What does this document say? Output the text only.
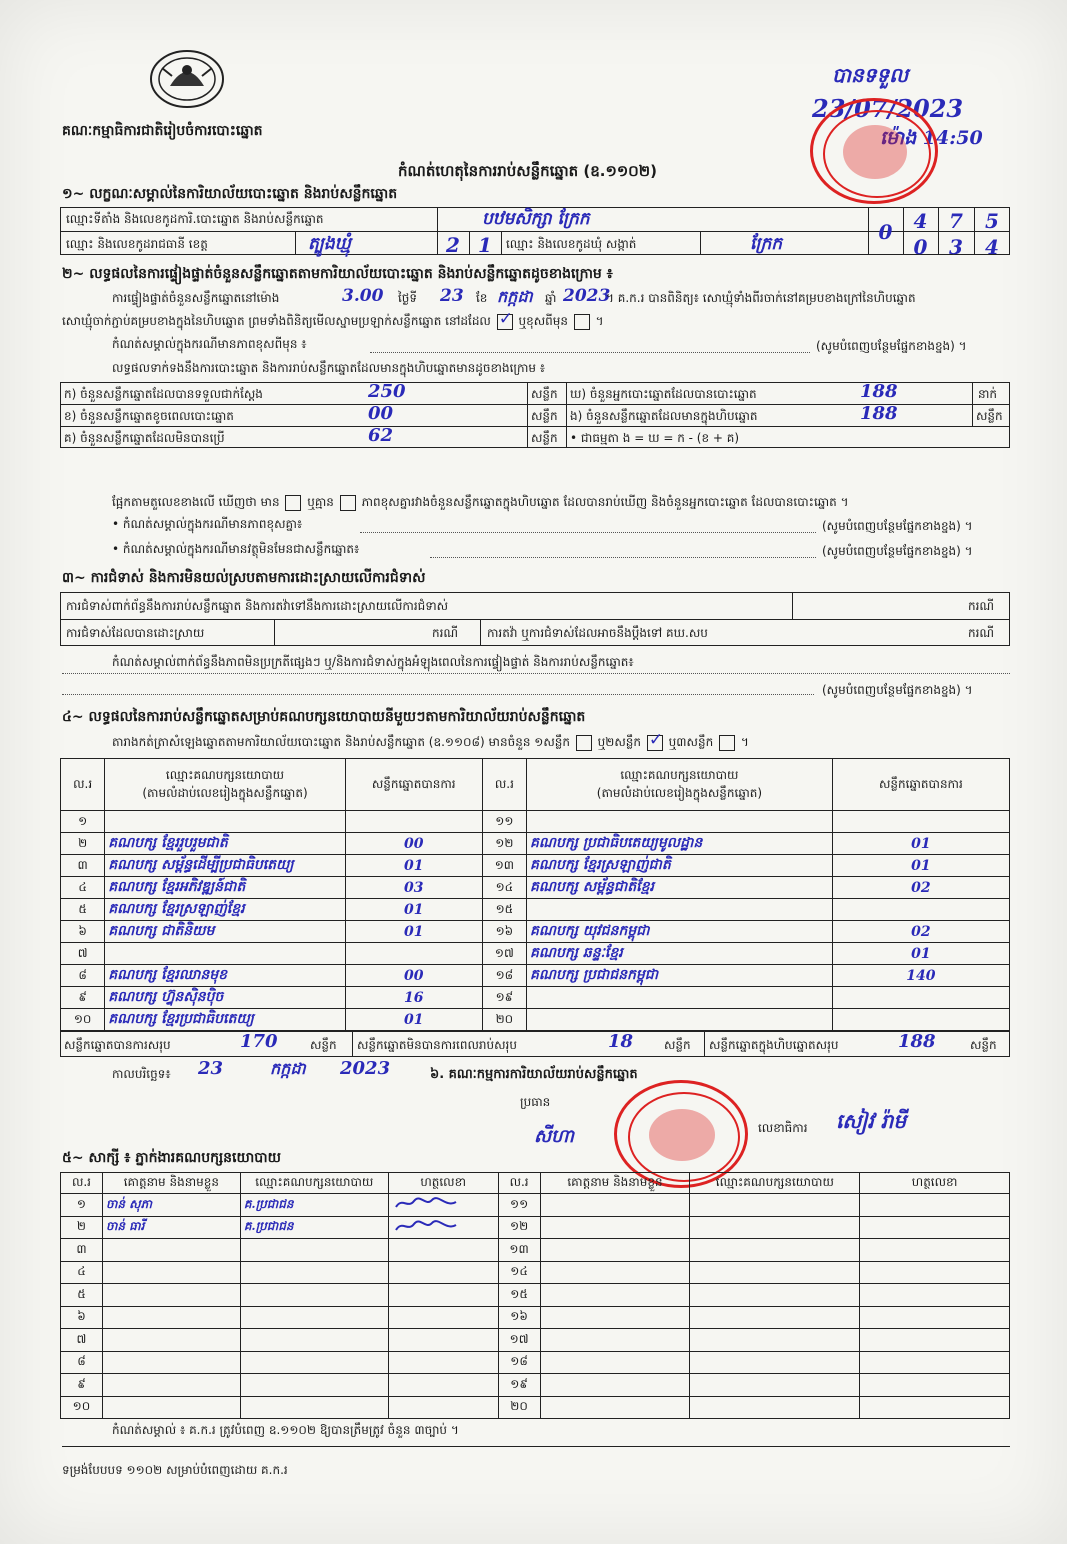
គណៈកម្មាធិការជាតិរៀបចំការបោះឆ្នោត
បានទទួល
23/07/2023
ម៉ោង 14:50
កំណត់ហេតុនៃការរាប់សន្លឹកឆ្នោត (ឧ.១១០២)
១~ លក្ខណៈសម្គាល់នៃការិយាល័យបោះឆ្នោត និងរាប់សន្លឹកឆ្នោត
ឈ្មោះទីតាំង និងលេខកូដការិ.បោះឆ្នោត និងរាប់សន្លឹកឆ្នោត	បឋមសិក្សា ក្រែក
0	4	7	5
ឈ្មោះ និងលេខកូដរាជធានី ខេត្ត	ត្បូងឃ្មុំ	2 1	ឈ្មោះ និងលេខកូដឃុំ សង្កាត់	ក្រែក	0	3	4
២~ លទ្ធផលនៃការផ្ទៀងផ្ទាត់ចំនួនសន្លឹកឆ្នោតតាមការិយាល័យបោះឆ្នោត និងរាប់សន្លឹកឆ្នោតដូចខាងក្រោម ៖
ការផ្ទៀងផ្ទាត់ចំនួនសន្លឹកឆ្នោតនៅម៉ោង	3.00 ថ្ងៃទី 23 ខែ កក្កដា ឆ្នាំ 2023
។ គ.ក.រ បានពិនិត្យ៖ សោឃ្មុំទាំងពីរចាក់នៅគម្របខាងក្រៅនៃហិបឆ្នោត
សោឃ្មុំចាក់ភ្ជាប់គម្របខាងក្នុងនៃហិបឆ្នោត ព្រមទាំងពិនិត្យមើលស្នាមប្រឡាក់សន្លឹកឆ្នោត នៅដដែល ✓ ឬខុសពីមុន  ។
កំណត់សម្គាល់ក្នុងករណីមានភាពខុសពីមុន ៖	(សូមបំពេញបន្ថែមផ្នែកខាងខ្នង) ។
លទ្ធផលទាក់ទងនឹងការបោះឆ្នោត និងការរាប់សន្លឹកឆ្នោតដែលមានក្នុងហិបឆ្នោតមានដូចខាងក្រោម ៖
ក) ចំនួនសន្លឹកឆ្នោតដែលបានទទួលជាក់ស្តែង	250	សន្លឹក ឃ) ចំនួនអ្នកបោះឆ្នោតដែលបានបោះឆ្នោត	188	នាក់
ខ) ចំនួនសន្លឹកឆ្នោតខូចពេលបោះឆ្នោត	00	សន្លឹក ង) ចំនួនសន្លឹកឆ្នោតដែលមានក្នុងហិបឆ្នោត	188	សន្លឹក
គ) ចំនួនសន្លឹកឆ្នោតដែលមិនបានប្រើ	62	សន្លឹក • ជាធម្មតា ង = ឃ = ក - (ខ + គ)
ផ្អែកតាមតួលេខខាងលើ ឃើញថា មាន ឬគ្មាន ភាពខុសគ្នារវាងចំនួនសន្លឹកឆ្នោតក្នុងហិបឆ្នោត ដែលបានរាប់ឃើញ និងចំនួនអ្នកបោះឆ្នោត ដែលបានបោះឆ្នោត ។
• កំណត់សម្គាល់ក្នុងករណីមានភាពខុសគ្នា៖	(សូមបំពេញបន្ថែមផ្នែកខាងខ្នង) ។
• កំណត់សម្គាល់ក្នុងករណីមានវត្ថុមិនមែនជាសន្លឹកឆ្នោត៖	(សូមបំពេញបន្ថែមផ្នែកខាងខ្នង) ។
៣~ ការជំទាស់ និងការមិនយល់ស្របតាមការដោះស្រាយលើការជំទាស់
ការជំទាស់ពាក់ព័ន្ធនឹងការរាប់សន្លឹកឆ្នោត និងការតវ៉ាទៅនឹងការដោះស្រាយលើការជំទាស់	ករណី
ការជំទាស់ដែលបានដោះស្រាយ	ករណី ការតវ៉ា ឬការជំទាស់ដែលអាចនឹងប្តឹងទៅ គឃ.សប	ករណី
កំណត់សម្គាល់ពាក់ព័ន្ធនឹងភាពមិនប្រក្រតីផ្សេងៗ ឬ/និងការជំទាស់ក្នុងអំឡុងពេលនៃការផ្ទៀងផ្ទាត់ និងការរាប់សន្លឹកឆ្នោត៖
(សូមបំពេញបន្ថែមផ្នែកខាងខ្នង) ។
៤~ លទ្ធផលនៃការរាប់សន្លឹកឆ្នោតសម្រាប់គណបក្សនយោបាយនីមួយៗតាមការិយាល័យរាប់សន្លឹកឆ្នោត
តារាងកត់ត្រាសំឡេងឆ្នោតតាមការិយាល័យបោះឆ្នោត និងរាប់សន្លឹកឆ្នោត (ឧ.១១០៨) មានចំនួន ១សន្លឹក ឬ២សន្លឹក ✓ ឬ៣សន្លឹក  ។
ល.រ	ឈ្មោះគណបក្សនយោបាយ
(តាមលំដាប់លេខរៀងក្នុងសន្លឹកឆ្នោត)	សន្លឹកឆ្នោតបានការ	ល.រ	ឈ្មោះគណបក្សនយោបាយ
(តាមលំដាប់លេខរៀងក្នុងសន្លឹកឆ្នោត)	សន្លឹកឆ្នោតបានការ
១			១១		
២	គណបក្ស ខ្មែររួបរួមជាតិ	00	១២	គណបក្ស ប្រជាធិបតេយ្យមូលដ្ឋាន	01
៣	គណបក្ស សម្ព័ន្ធដើម្បីប្រជាធិបតេយ្យ	01	១៣	គណបក្ស ខ្មែរស្រឡាញ់ជាតិ	01
៤	គណបក្ស ខ្មែរអភិវឌ្ឍន៍ជាតិ	03	១៤	គណបក្ស សម្ព័ន្ធជាតិខ្មែរ	02
៥	គណបក្ស ខ្មែរស្រឡាញ់ខ្មែរ	01	១៥		
៦	គណបក្ស ជាតិនិយម	01	១៦	គណបក្ស យុវជនកម្ពុជា	02
៧			១៧	គណបក្ស ឆន្ទៈខ្មែរ	01
៨	គណបក្ស ខ្មែរឈានមុខ	00	១៨	គណបក្ស ប្រជាជនកម្ពុជា	140
៩	គណបក្ស ហ្វ៊ុនស៊ិនប៉ិច	16	១៩		
១០	គណបក្ស ខ្មែរប្រជាធិបតេយ្យ	01	២០		
សន្លឹកឆ្នោតបានការសរុប	170	សន្លឹក សន្លឹកឆ្នោតមិនបានការពេលរាប់សរុប	18	សន្លឹក សន្លឹកឆ្នោតក្នុងហិបឆ្នោតសរុប	188	សន្លឹក
កាលបរិច្ឆេទ៖ 23	កក្កដា 2023	៦. គណៈកម្មការការិយាល័យរាប់សន្លឹកឆ្នោត
ប្រធាន
សីហា	លេខាធិការ សៀវ រ៉ាមី
៥~ សាក្សី ៖ ភ្នាក់ងារគណបក្សនយោបាយ
ល.រ	គោត្តនាម និងនាមខ្លួន	ឈ្មោះគណបក្សនយោបាយ	ហត្ថលេខា	ល.រ	គោត្តនាម និងនាមខ្លួន	ឈ្មោះគណបក្សនយោបាយ	ហត្ថលេខា
១	ចាន់ សុភា	គ.ប្រជាជន		១១			
២	ចាន់ ធារី	គ.ប្រជាជន		១២			
៣				១៣			
៤				១៤			
៥				១៥			
៦				១៦			
៧				១៧			
៨				១៨			
៩				១៩			
១០				២០			
កំណត់សម្គាល់ ៖ គ.ក.រ ត្រូវបំពេញ ឧ.១១០២ ឱ្យបានត្រឹមត្រូវ ចំនួន ៣ច្បាប់ ។
ទម្រង់បែបបទ ១១០២ សម្រាប់បំពេញដោយ គ.ក.រ
